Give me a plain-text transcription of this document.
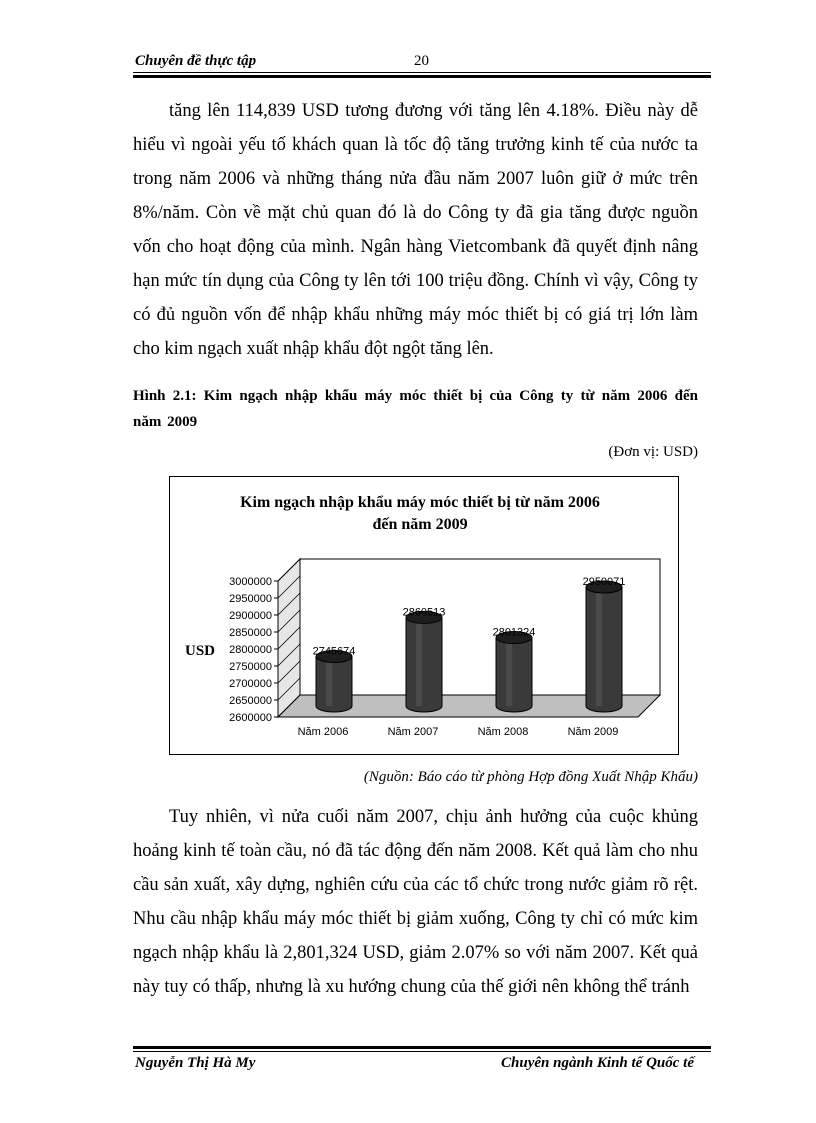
Chuyên đề thực tập	20

tăng lên 114,839 USD tương đương với tăng lên 4.18%. Điều này dễ hiểu vì ngoài yếu tố khách quan là tốc độ tăng trưởng kinh tế của nước ta trong năm 2006 và những tháng nửa đầu năm 2007 luôn giữ ở mức trên 8%/năm. Còn về mặt chủ quan đó là do Công ty đã gia tăng được nguồn vốn cho hoạt động của mình. Ngân hàng Vietcombank đã quyết định nâng hạn mức tín dụng của Công ty lên tới 100 triệu đồng. Chính vì vậy, Công ty có đủ nguồn vốn để nhập khẩu những máy móc thiết bị có giá trị lớn làm cho kim ngạch xuất nhập khẩu đột ngột tăng lên.

Hình 2.1: Kim ngạch nhập khẩu máy móc thiết bị của Công ty từ năm 2006 đến năm 2009

(Đơn vị: USD)
Kim ngạch nhập khẩu máy móc thiết bị từ năm 2006
đến năm 2009
USD
2600000
2650000
2700000
2750000
2800000
2850000
2900000
2950000
3000000
2745674
Năm 2006
2860513
Năm 2007
2801324
Năm 2008
2950071
Năm 2009
(Nguồn: Báo cáo từ phòng Hợp đồng Xuất Nhập Khẩu)

Tuy nhiên, vì nửa cuối năm 2007, chịu ảnh hưởng của cuộc khủng hoảng kinh tế toàn cầu, nó đã tác động đến năm 2008. Kết quả làm cho nhu cầu sản xuất, xây dựng, nghiên cứu của các tổ chức trong nước giảm rõ rệt. Nhu cầu nhập khẩu máy móc thiết bị giảm xuống, Công ty chỉ có mức kim ngạch nhập khẩu là 2,801,324 USD, giảm 2.07% so với năm 2007. Kết quả này tuy có thấp, nhưng là xu hướng chung của thế giới nên không thể tránh

Nguyễn Thị Hà My	Chuyên ngành Kinh tế Quốc tế
